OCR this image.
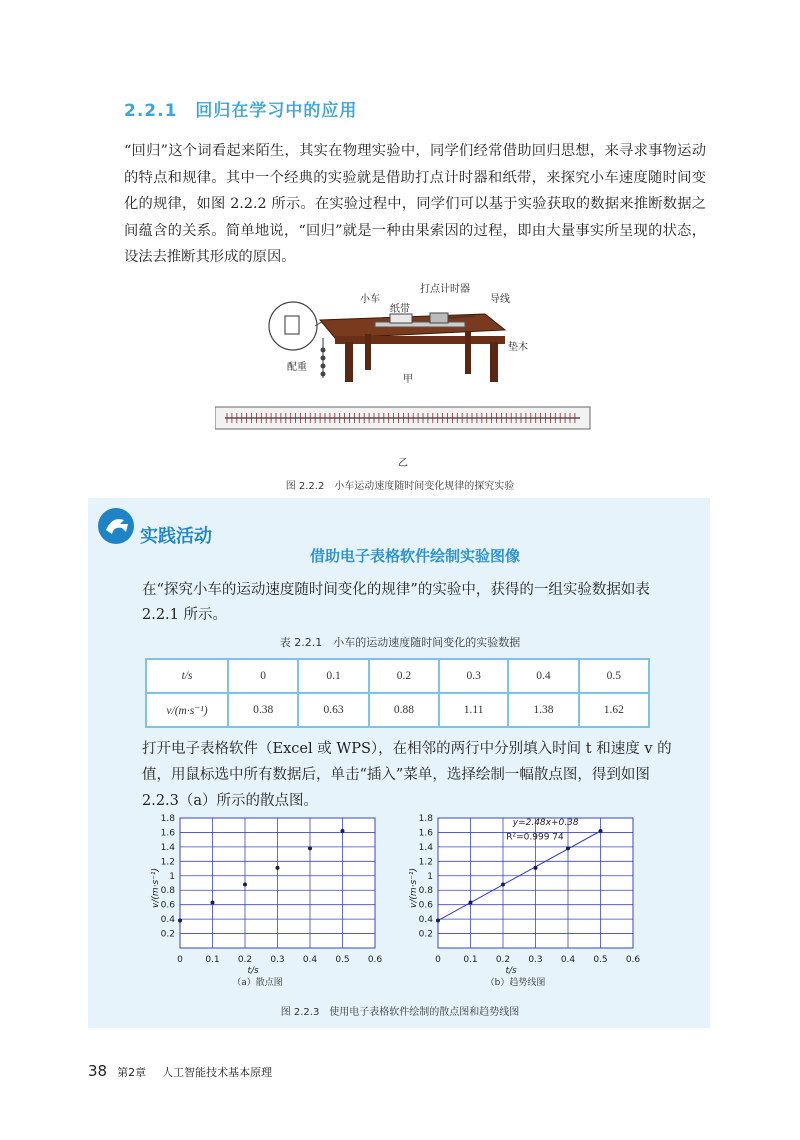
2.2.1 回归在学习中的应用

“回归”这个词看起来陌生，其实在物理实验中，同学们经常借助回归思想，来寻求事物运动的特点和规律。其中一个经典的实验就是借助打点计时器和纸带，来探究小车速度随时间变化的规律，如图 2.2.2 所示。在实验过程中，同学们可以基于实验获取的数据来推断数据之间蕴含的关系。简单地说，“回归”就是一种由果索因的过程，即由大量事实所呈现的状态，设法去推断其形成的原因。

小车
打点计时器
纸带
导线
垫木
配重
甲
乙
图 2.2.2　小车运动速度随时间变化规律的探究实验
实践活动
借助电子表格软件绘制实验图像

在“探究小车的运动速度随时间变化的规律”的实验中，获得的一组实验数据如表 2.2.1 所示。

表 2.2.1　小车的运动速度随时间变化的实验数据
t/s	0	0.1	0.2	0.3	0.4	0.5
v/(m·s⁻¹)	0.38	0.63	0.88	1.11	1.38	1.62

打开电子表格软件（Excel 或 WPS），在相邻的两行中分别填入时间 t 和速度 v 的值，用鼠标选中所有数据后，单击“插入”菜单，选择绘制一幅散点图，得到如图 2.2.3（a）所示的散点图。

0 0.1 0.2 0.3 0.4 0.5 0.6
0.2
0.4
0.6
0.8
1
1.2
1.4
1.6
1.8
t/s
v/(m·s⁻¹)
（a）散点图
0 0.1 0.2 0.3 0.4 0.5 0.6
0.2
0.4
0.6
0.8
1
1.2
1.4
1.6
1.8	y=2.48x+0.38
R²=0.999 74
t/s
v/(m·s⁻¹)
（b）趋势线图
图 2.2.3　使用电子表格软件绘制的散点图和趋势线图
38 第2章 人工智能技术基本原理
